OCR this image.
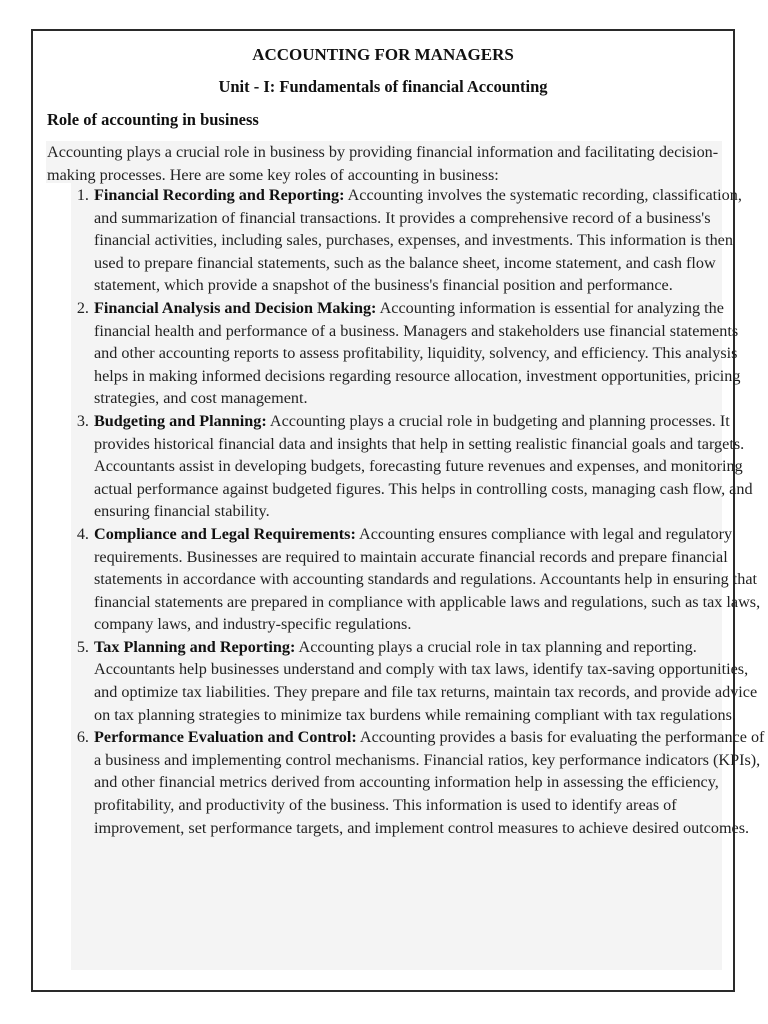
ACCOUNTING FOR MANAGERS
Unit - I: Fundamentals of financial Accounting
Role of accounting in business
Accounting plays a crucial role in business by providing financial information and facilitating decision-making processes. Here are some key roles of accounting in business:
1. Financial Recording and Reporting: Accounting involves the systematic recording, classification, and summarization of financial transactions. It provides a comprehensive record of a business's financial activities, including sales, purchases, expenses, and investments. This information is then used to prepare financial statements, such as the balance sheet, income statement, and cash flow statement, which provide a snapshot of the business's financial position and performance.
2. Financial Analysis and Decision Making: Accounting information is essential for analyzing the financial health and performance of a business. Managers and stakeholders use financial statements and other accounting reports to assess profitability, liquidity, solvency, and efficiency. This analysis helps in making informed decisions regarding resource allocation, investment opportunities, pricing strategies, and cost management.
3. Budgeting and Planning: Accounting plays a crucial role in budgeting and planning processes. It provides historical financial data and insights that help in setting realistic financial goals and targets. Accountants assist in developing budgets, forecasting future revenues and expenses, and monitoring actual performance against budgeted figures. This helps in controlling costs, managing cash flow, and ensuring financial stability.
4. Compliance and Legal Requirements: Accounting ensures compliance with legal and regulatory requirements. Businesses are required to maintain accurate financial records and prepare financial statements in accordance with accounting standards and regulations. Accountants help in ensuring that financial statements are prepared in compliance with applicable laws and regulations, such as tax laws, company laws, and industry-specific regulations.
5. Tax Planning and Reporting: Accounting plays a crucial role in tax planning and reporting. Accountants help businesses understand and comply with tax laws, identify tax-saving opportunities, and optimize tax liabilities. They prepare and file tax returns, maintain tax records, and provide advice on tax planning strategies to minimize tax burdens while remaining compliant with tax regulations.
6. Performance Evaluation and Control: Accounting provides a basis for evaluating the performance of a business and implementing control mechanisms. Financial ratios, key performance indicators (KPIs), and other financial metrics derived from accounting information help in assessing the efficiency, profitability, and productivity of the business. This information is used to identify areas of improvement, set performance targets, and implement control measures to achieve desired outcomes.
